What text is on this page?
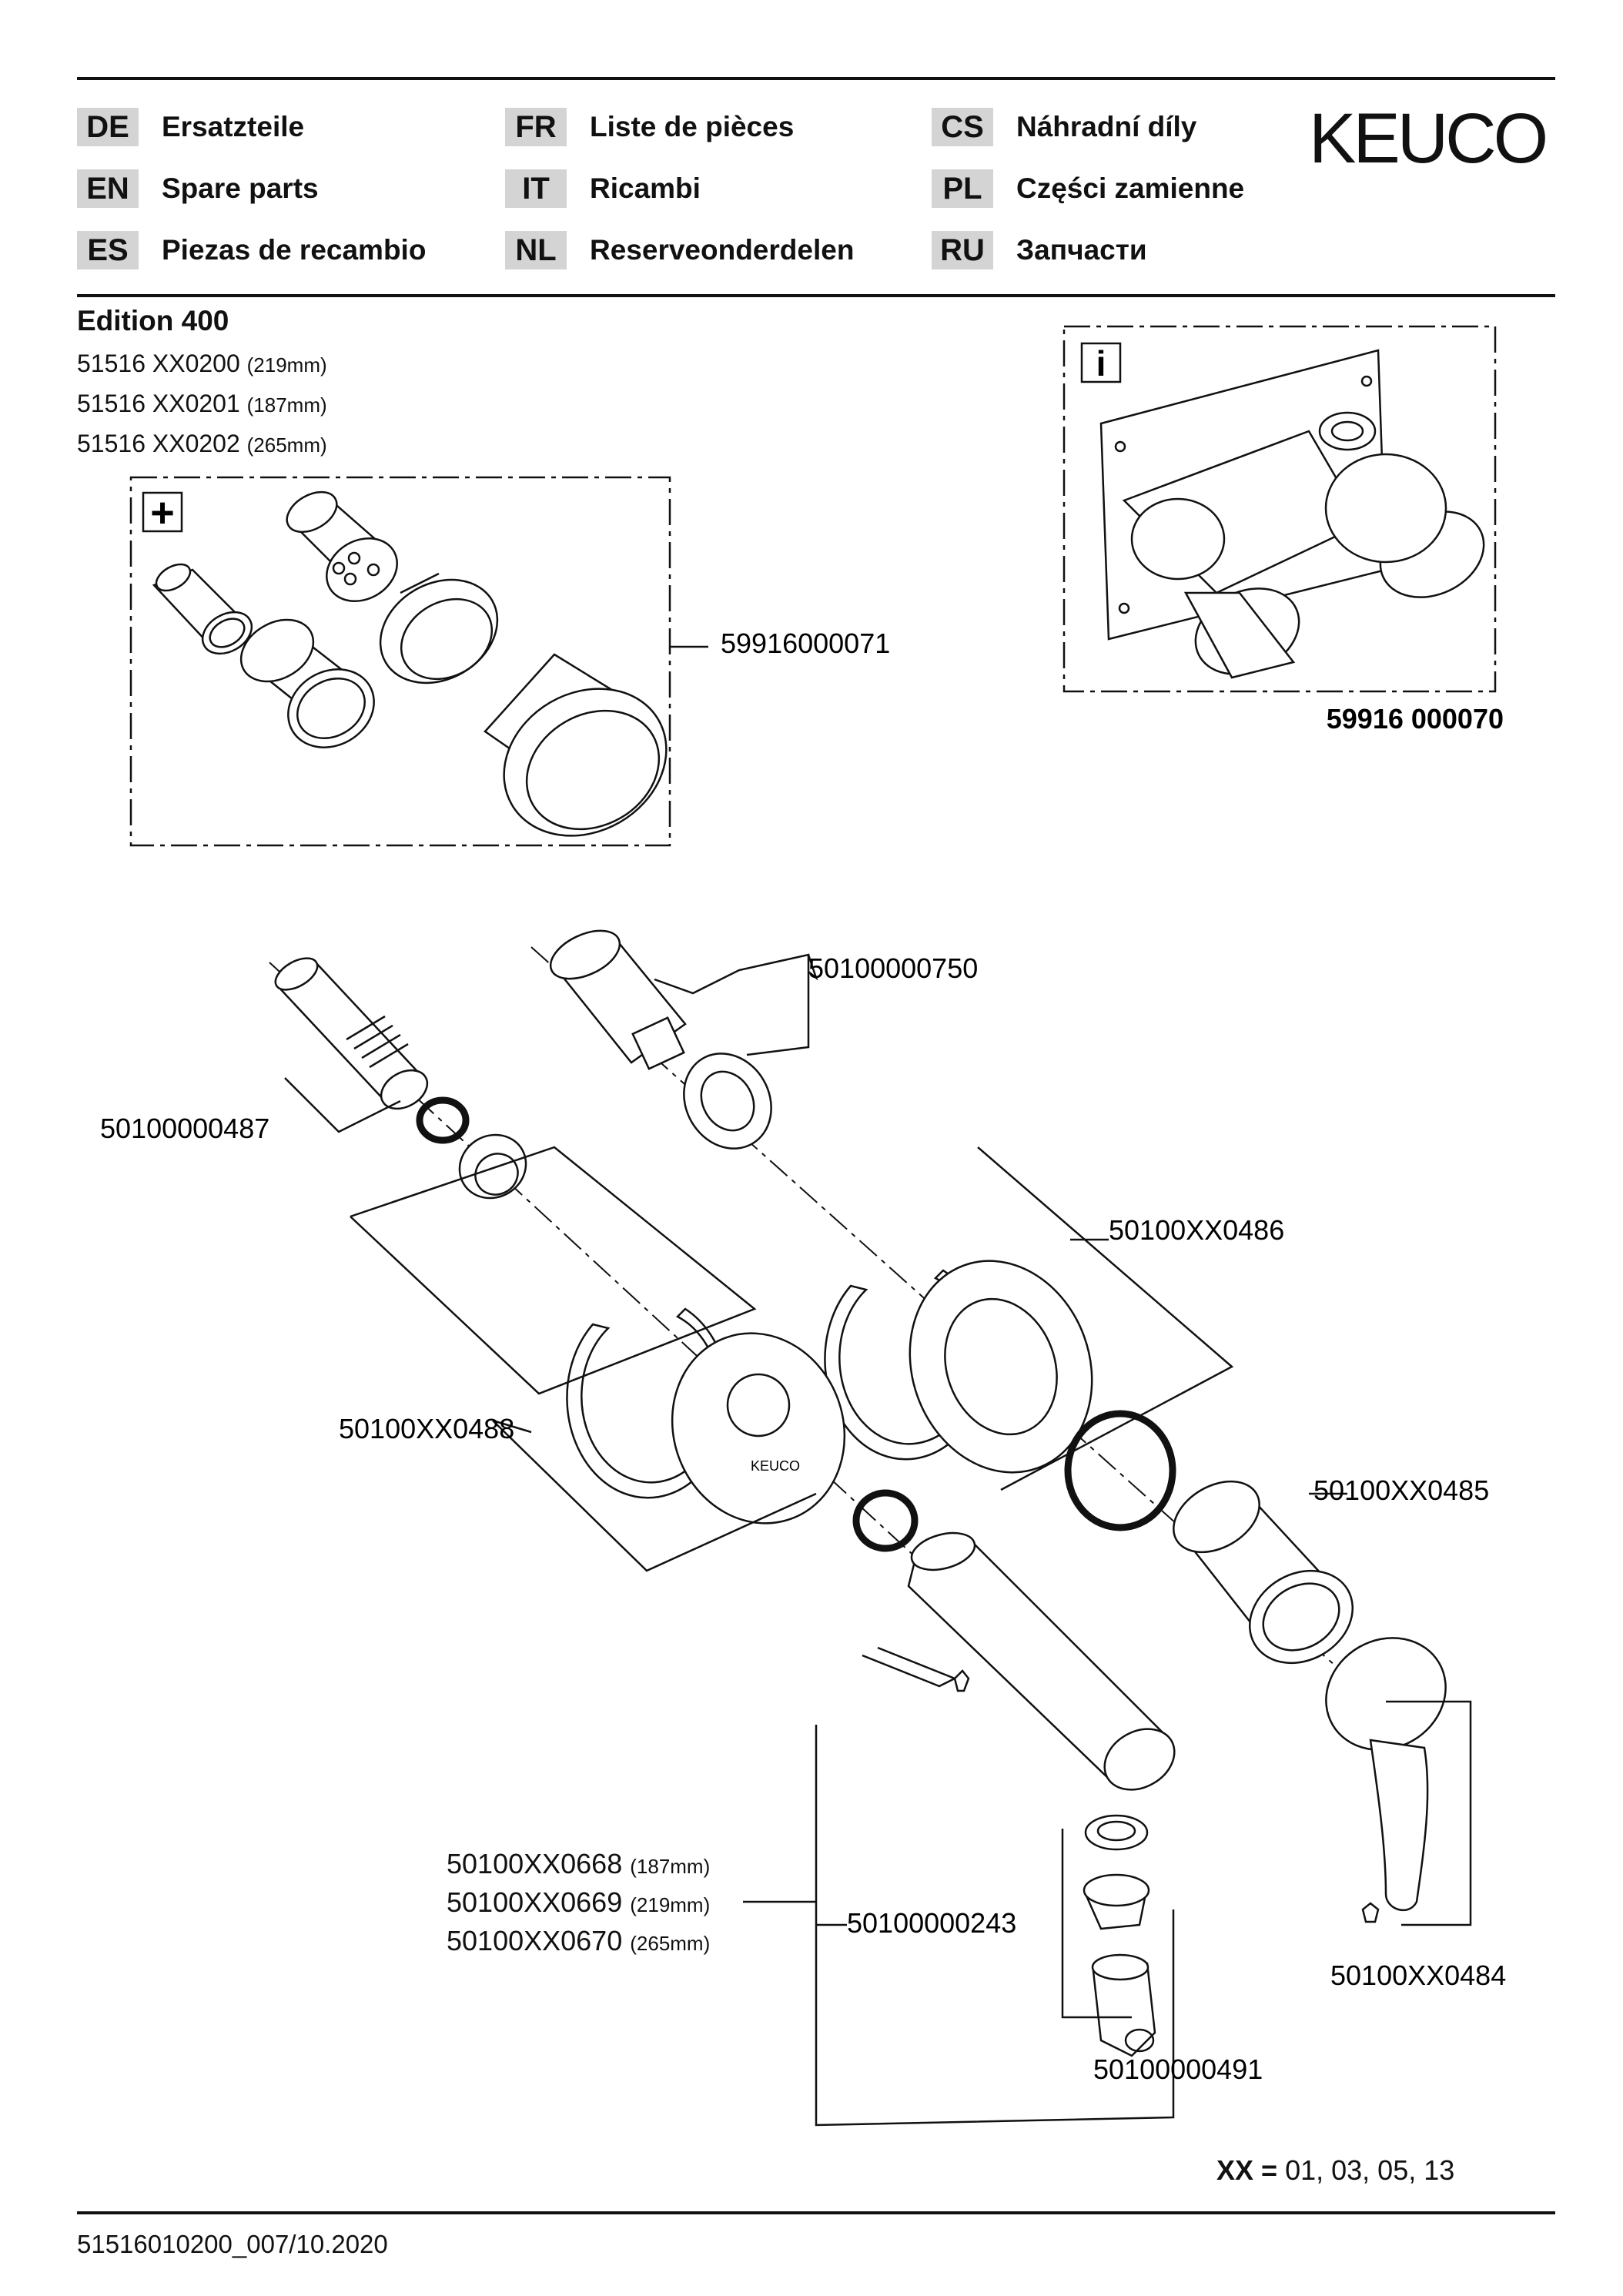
DE	Ersatzteile
EN	Spare parts
ES	Piezas de recambio
FR	Liste de pièces
IT	Ricambi
NL	Reserveonderdelen
CS	Náhradní díly
PL	Części zamienne
RU	Запчасти
KEUCO
Edition 400
51516 XX0200 (219mm)
51516 XX0201 (187mm)
51516 XX0202 (265mm)
+
59916000071
i
59916 000070
50100000750
50100000487
KEUCO
50100XX0486
50100XX0488
50100XX0485
50100XX0484
50100000243
50100000491
50100XX0668 (187mm)
50100XX0669 (219mm)
50100XX0670 (265mm)
XX = 01, 03, 05, 13
51516010200_007/10.2020
